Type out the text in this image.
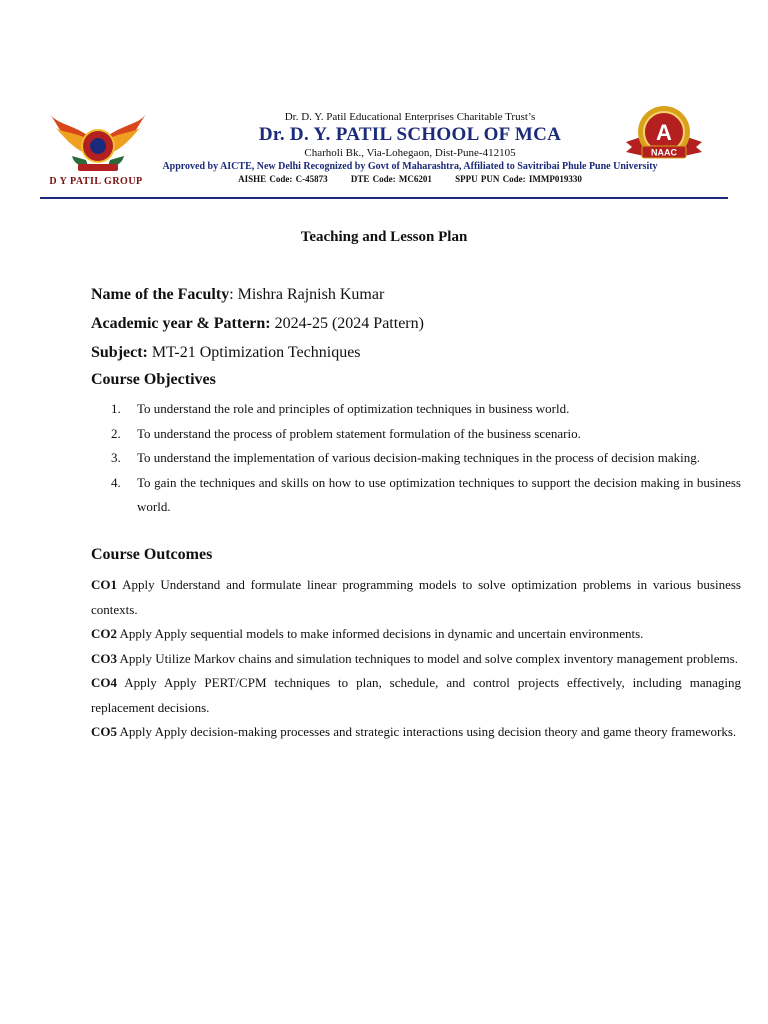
D Y PATIL GROUP
Dr. D. Y. Patil Educational Enterprises Charitable Trust’s
Dr. D. Y. PATIL SCHOOL OF MCA
Charholi Bk., Via-Lohegaon, Dist-Pune-412105
Approved by AICTE, New Delhi Recognized by Govt of Maharashtra, Affiliated to Savitribai Phule Pune University
AISHE Code: C-45873	DTE Code: MC6201	SPPU PUN Code: IMMP019330
A
NAAC
Teaching and Lesson Plan
Name of the Faculty: Mishra Rajnish Kumar
Academic year & Pattern: 2024-25 (2024 Pattern)
Subject: MT-21 Optimization Techniques
Course Objectives
1. To understand the role and principles of optimization techniques in business world.
2. To understand the process of problem statement formulation of the business scenario.
3. To understand the implementation of various decision-making techniques in the process of decision making.
4. To gain the techniques and skills on how to use optimization techniques to support the decision making in business world.
Course Outcomes

CO1 Apply Understand and formulate linear programming models to solve optimization problems in various business contexts.

CO2 Apply Apply sequential models to make informed decisions in dynamic and uncertain environments.

CO3 Apply Utilize Markov chains and simulation techniques to model and solve complex inventory management problems.

CO4 Apply Apply PERT/CPM techniques to plan, schedule, and control projects effectively, including managing replacement decisions.

CO5 Apply Apply decision-making processes and strategic interactions using decision theory and game theory frameworks.
